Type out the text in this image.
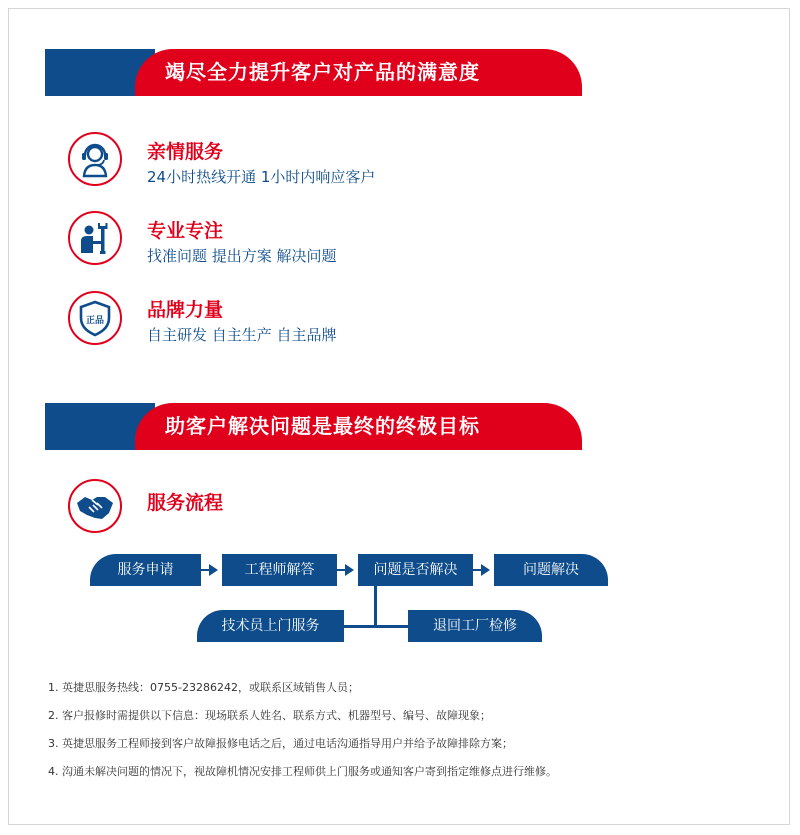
竭尽全力提升客户对产品的满意度
亲情服务
24小时热线开通 1小时内响应客户
专业专注
找准问题 提出方案 解决问题
正品 品牌力量
自主研发 自主生产 自主品牌
助客户解决问题是最终的终极目标
服务流程
服务申请	工程师解答	问题是否解决	问题解决
技术员上门服务	退回工厂检修
1. 英捷思服务热线：0755-23286242，或联系区域销售人员；
2. 客户报修时需提供以下信息：现场联系人姓名、联系方式、机器型号、编号、故障现象；
3. 英捷思服务工程师接到客户故障报修电话之后，通过电话沟通指导用户并给予故障排除方案；
4. 沟通未解决问题的情况下，视故障机情况安排工程师供上门服务或通知客户寄到指定维修点进行维修。
